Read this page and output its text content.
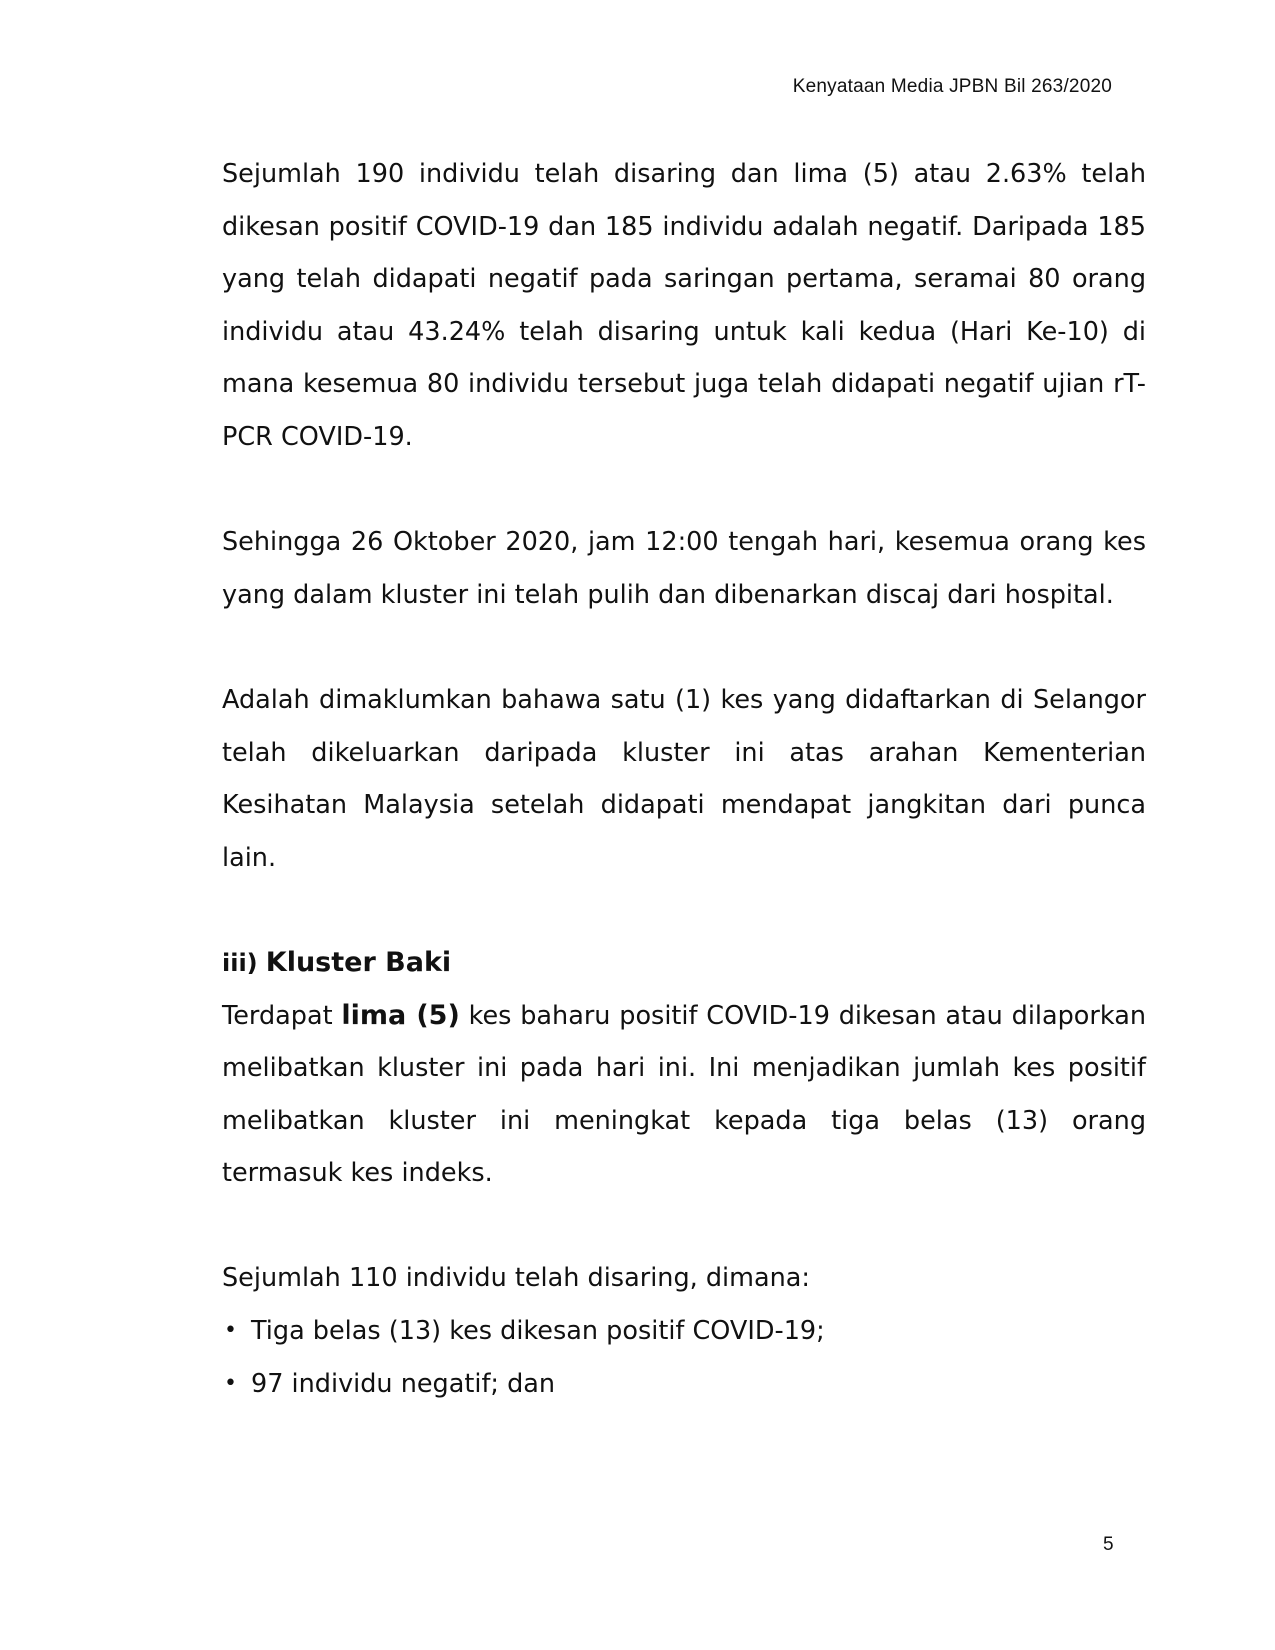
Kenyataan Media JPBN Bil 263/2020

Sejumlah 190 individu telah disaring dan lima (5) atau 2.63% telah dikesan positif COVID-19 dan 185 individu adalah negatif. Daripada 185 yang telah didapati negatif pada saringan pertama, seramai 80 orang individu atau 43.24% telah disaring untuk kali kedua (Hari Ke-10) di mana kesemua 80 individu tersebut juga telah didapati negatif ujian rT-PCR COVID-19.

Sehingga 26 Oktober 2020, jam 12:00 tengah hari, kesemua orang kes yang dalam kluster ini telah pulih dan dibenarkan discaj dari hospital.

Adalah dimaklumkan bahawa satu (1) kes yang didaftarkan di Selangor telah dikeluarkan daripada kluster ini atas arahan Kementerian Kesihatan Malaysia setelah didapati mendapat jangkitan dari punca lain.

iii) Kluster Baki

Terdapat lima (5) kes baharu positif COVID-19 dikesan atau dilaporkan melibatkan kluster ini pada hari ini. Ini menjadikan jumlah kes positif melibatkan kluster ini meningkat kepada tiga belas (13) orang termasuk kes indeks.

Sejumlah 110 individu telah disaring, dimana:

• Tiga belas (13) kes dikesan positif COVID-19;
• 97 individu negatif; dan
5
